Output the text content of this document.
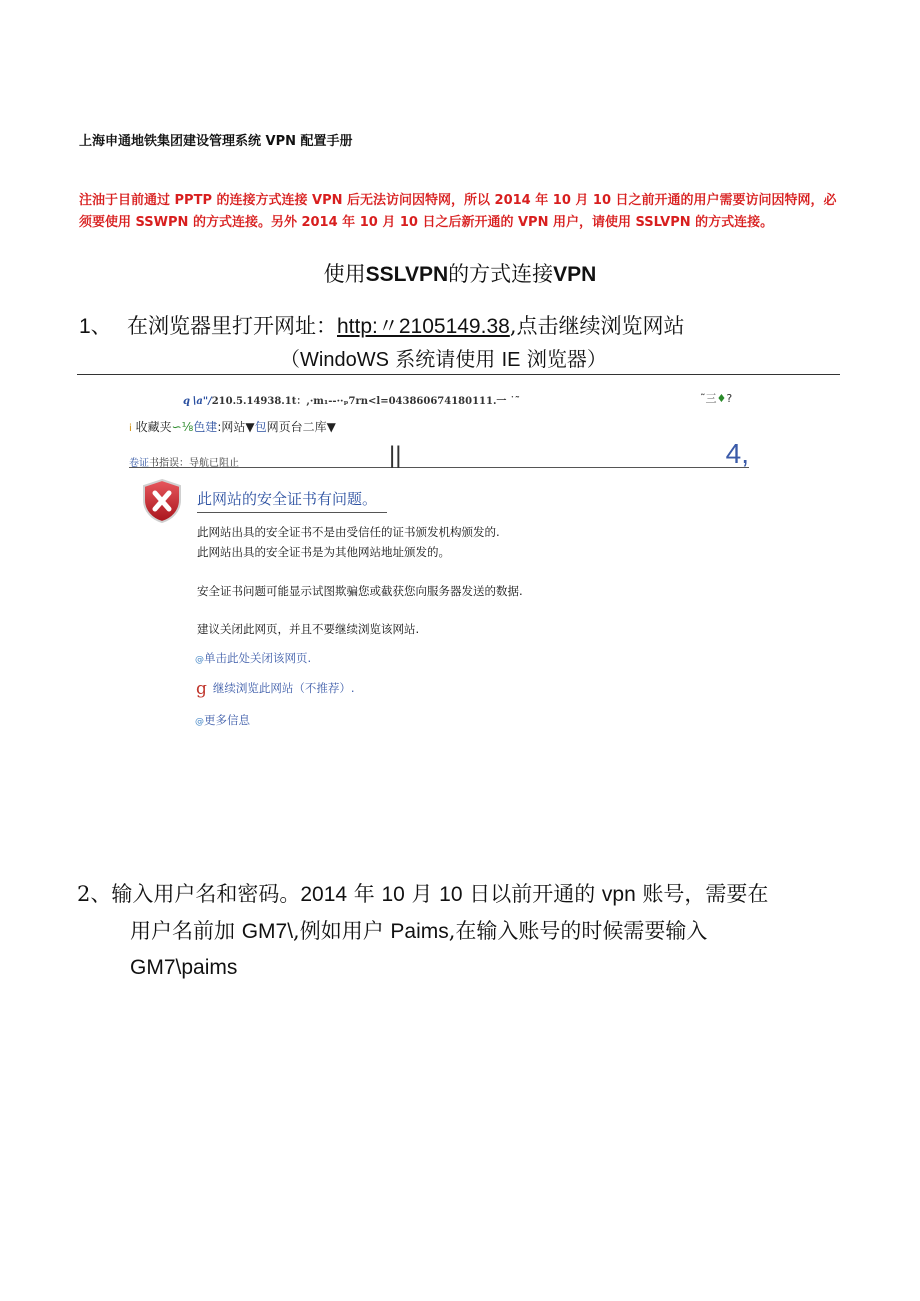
上海申通地铁集团建设管理系统 VPN 配置手册
注油于目前通过 PPTP 的连接方式连接 VPN 后无法访问因特网，所以 2014 年 10 月 10 日之前开通的用户需要访问因特网，必须要使用 SSWPN 的方式连接。另外 2014 年 10 月 10 日之后新开通的 VPN 用户，请使用 SSLVPN 的方式连接。
使用SSLVPN的方式连接VPN
1、 在浏览器里打开网址：http:〃2105149.38,点击继续浏览网站
（WindoWS 系统请使用 IE 浏览器）
q∖a"/210.5.14938.1t：,·m₁--··ₚ7rn<l=043860674180111.一 ˙˜	˜三♦?
i 收藏夹∽⅛色建:网站▼包网页台二库▼
卷证书指误：导航已阻止	||	4,
此网站的安全证书有问题。
此网站出具的安全证书不是由受信任的证书颁发机构颁发的.
此网站出具的安全证书是为其他网站地址颁发的。
安全证书问题可能显示试图欺骗您或截获您向服务器发送的数据.
建议关闭此网页，并且不要继续浏览该网站.
@单击此处关闭该网页.
g 继续浏览此网站（不推荐）.
@更多信息
2、输入用户名和密码。2014 年 10 月 10 日以前开通的 vpn 账号，需要在
用户名前加 GM7\,例如用户 Paims,在输入账号的时候需要输入
GM7\paims
